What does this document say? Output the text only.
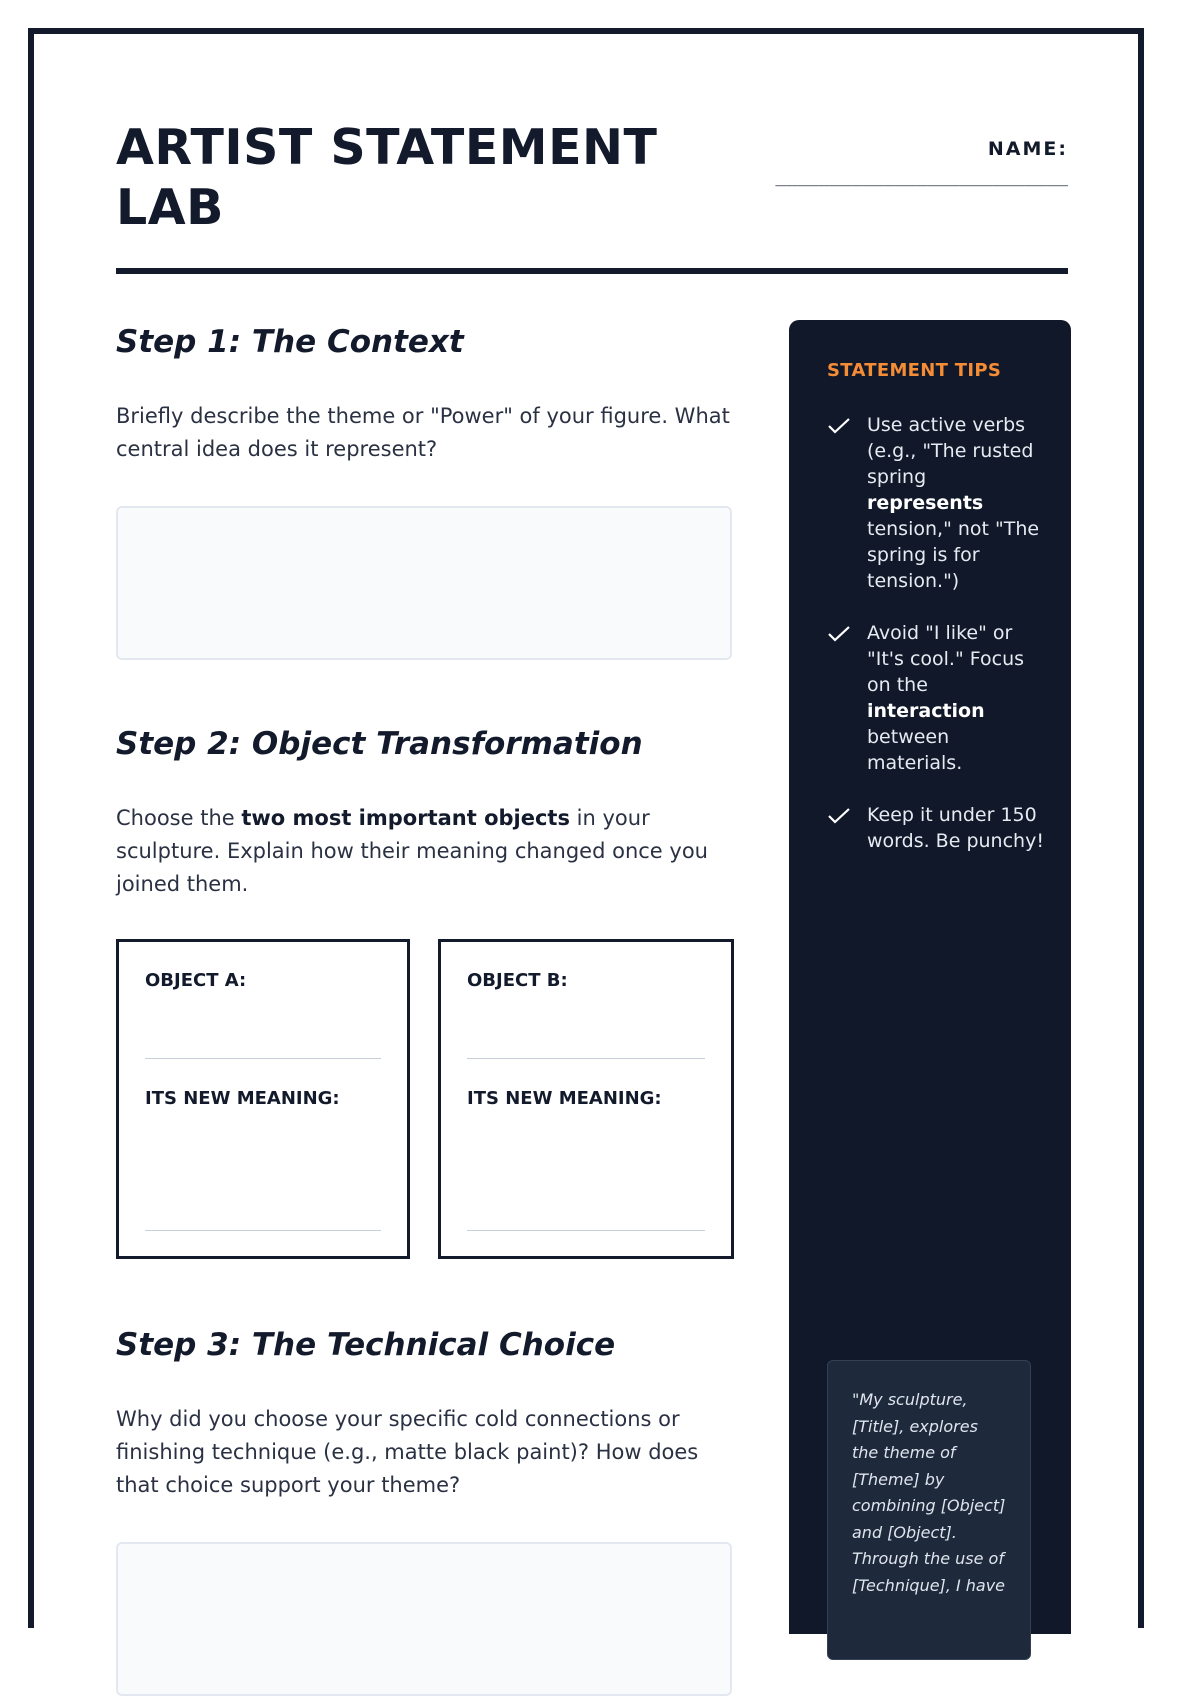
ARTIST STATEMENT
LAB
NAME:
___________________________
Step 1: The Context
Briefly describe the theme or "Power" of your figure. What central idea does it represent?
Step 2: Object Transformation
Choose the two most important objects in your sculpture. Explain how their meaning changed once you joined them.
OBJECT A:
ITS NEW MEANING:
OBJECT B:
ITS NEW MEANING:
Step 3: The Technical Choice
Why did you choose your specific cold connections or finishing technique (e.g., matte black paint)? How does that choice support your theme?
STATEMENT TIPS
Use active verbs (e.g., "The rusted spring represents tension," not "The spring is for tension.")
Avoid "I like" or "It's cool." Focus on the interaction between materials.
Keep it under 150 words. Be punchy!
"My sculpture, [Title], explores the theme of [Theme] by combining [Object] and [Object]. Through the use of [Technique], I have
